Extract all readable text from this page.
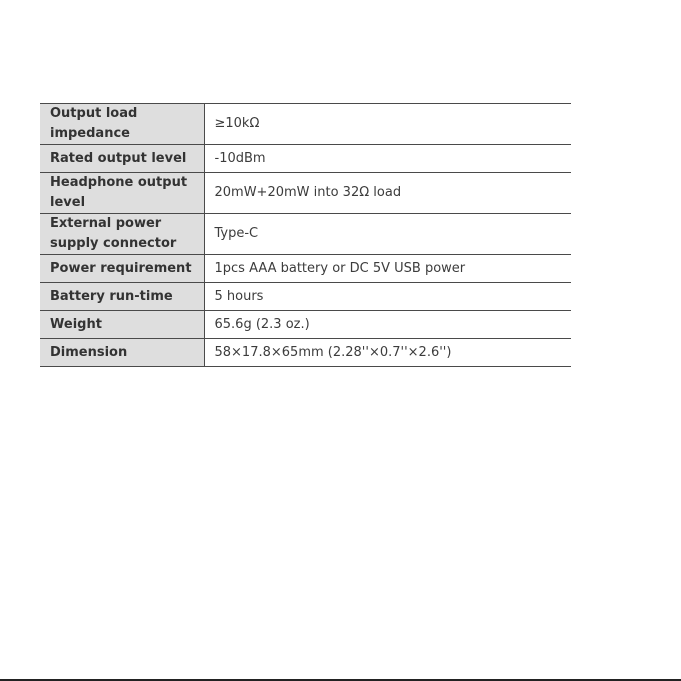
Output load impedance	≥10kΩ
Rated output level	-10dBm
Headphone output level	20mW+20mW into 32Ω load
External power supply connector	Type-C
Power requirement	1pcs AAA battery or DC 5V USB power
Battery run-time	5 hours
Weight	65.6g (2.3 oz.)
Dimension	58×17.8×65mm (2.28''×0.7''×2.6'')
